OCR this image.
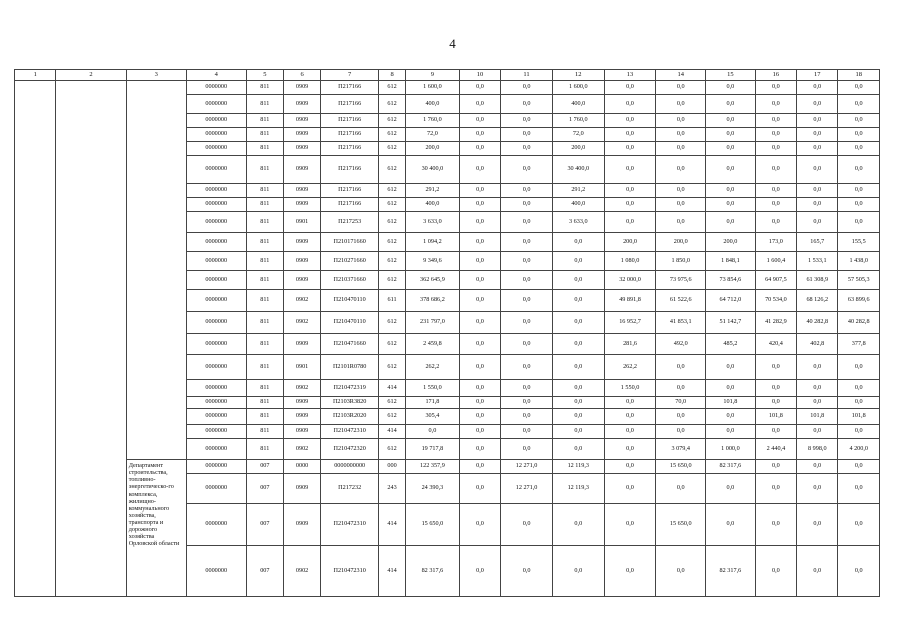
4
1	2	3	4	5	6	7	8	9	10	11	12	13	14	15	16	17	18
			0000000	811	0909	П217166	612	1 600,0	0,0	0,0	1 600,0	0,0	0,0	0,0	0,0	0,0	0,0
			0000000	811	0909	П217166	612	400,0	0,0	0,0	400,0	0,0	0,0	0,0	0,0	0,0	0,0
			0000000	811	0909	П217166	612	1 760,0	0,0	0,0	1 760,0	0,0	0,0	0,0	0,0	0,0	0,0
			0000000	811	0909	П217166	612	72,0	0,0	0,0	72,0	0,0	0,0	0,0	0,0	0,0	0,0
			0000000	811	0909	П217166	612	200,0	0,0	0,0	200,0	0,0	0,0	0,0	0,0	0,0	0,0
			0000000	811	0909	П217166	612	30 400,0	0,0	0,0	30 400,0	0,0	0,0	0,0	0,0	0,0	0,0
			0000000	811	0909	П217166	612	291,2	0,0	0,0	291,2	0,0	0,0	0,0	0,0	0,0	0,0
			0000000	811	0909	П217166	612	400,0	0,0	0,0	400,0	0,0	0,0	0,0	0,0	0,0	0,0
			0000000	811	0901	П217253	612	3 633,0	0,0	0,0	3 633,0	0,0	0,0	0,0	0,0	0,0	0,0
			0000000	811	0909	П210171660	612	1 094,2	0,0	0,0	0,0	200,0	200,0	200,0	173,0	165,7	155,5
			0000000	811	0909	П210271660	612	9 349,6	0,0	0,0	0,0	1 080,0	1 850,0	1 848,1	1 600,4	1 533,1	1 438,0
			0000000	811	0909	П210371660	612	362 645,9	0,0	0,0	0,0	32 000,0	73 975,6	73 854,6	64 907,5	61 308,9	57 505,3
			0000000	811	0902	П210470110	611	378 686,2	0,0	0,0	0,0	49 891,8	61 522,6	64 712,0	70 534,0	68 126,2	63 899,6
			0000000	811	0902	П210470110	612	231 797,0	0,0	0,0	0,0	16 952,7	41 853,1	51 142,7	41 282,9	40 282,8	40 282,8
			0000000	811	0909	П210471660	612	2 459,8	0,0	0,0	0,0	281,6	492,0	485,2	420,4	402,8	377,8
			0000000	811	0901	П2101R0780	612	262,2	0,0	0,0	0,0	262,2	0,0	0,0	0,0	0,0	0,0
			0000000	811	0902	П210472319	414	1 550,0	0,0	0,0	0,0	1 550,0	0,0	0,0	0,0	0,0	0,0
			0000000	811	0909	П2103R3820	612	171,8	0,0	0,0	0,0	0,0	70,0	101,8	0,0	0,0	0,0
			0000000	811	0909	П2103R2020	612	305,4	0,0	0,0	0,0	0,0	0,0	0,0	101,8	101,8	101,8
			0000000	811	0909	П210472310	414	0,0	0,0	0,0	0,0	0,0	0,0	0,0	0,0	0,0	0,0
			0000000	811	0902	П210472320	612	19 717,8	0,0	0,0	0,0	0,0	3 079,4	1 000,0	2 440,4	8 998,0	4 200,0
		Департамент строительства, топливно-энергетическо-го комплекса, жилищно-коммунального хозяйства, транспорта и дорожного хозяйства Орловской области	0000000	007	0000	0000000000	000	122 357,9	0,0	12 271,0	12 119,3	0,0	15 650,0	82 317,6	0,0	0,0	0,0
			0000000	007	0909	П217232	243	24 390,3	0,0	12 271,0	12 119,3	0,0	0,0	0,0	0,0	0,0	0,0
			0000000	007	0909	П210472310	414	15 650,0	0,0	0,0	0,0	0,0	15 650,0	0,0	0,0	0,0	0,0
			0000000	007	0902	П210472310	414	82 317,6	0,0	0,0	0,0	0,0	0,0	82 317,6	0,0	0,0	0,0
